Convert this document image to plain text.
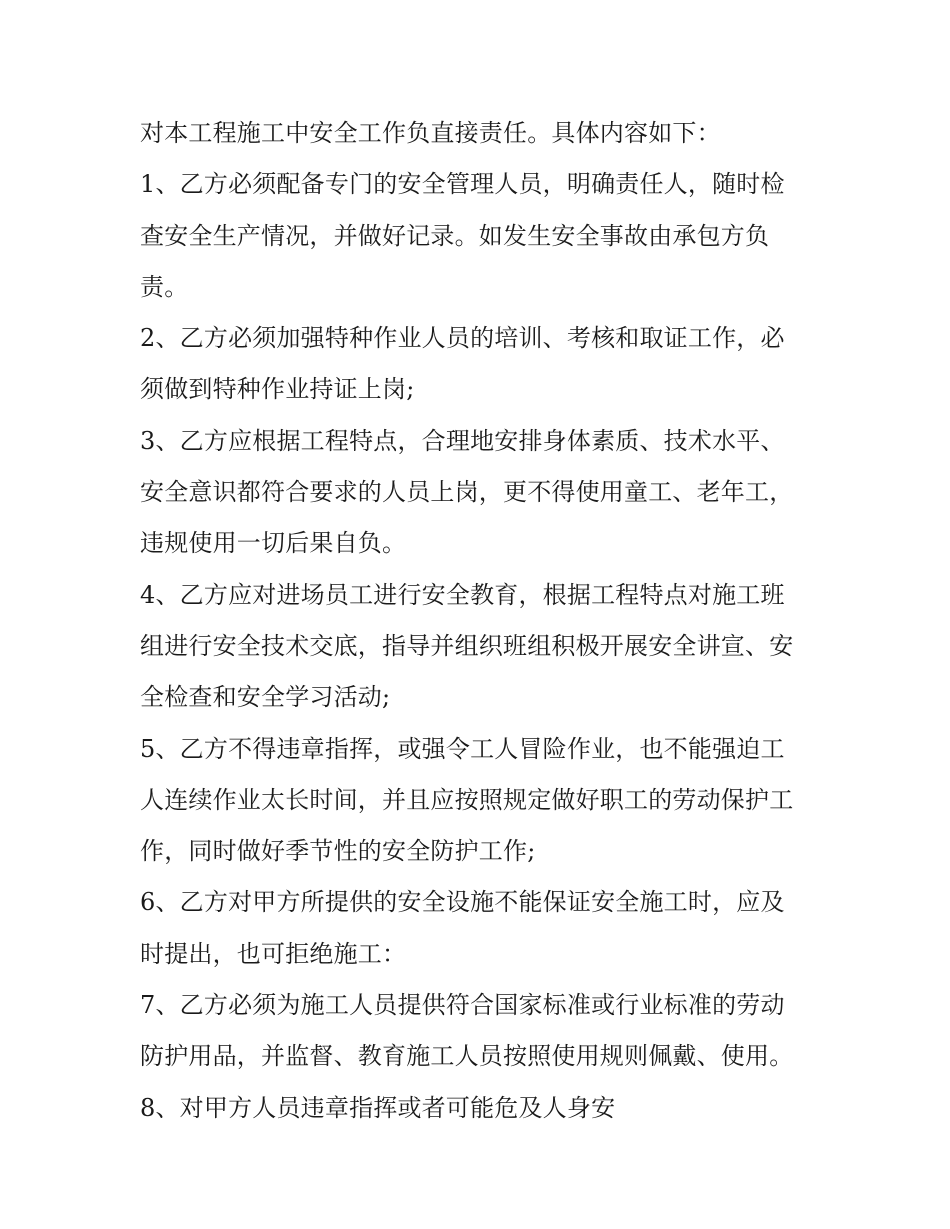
对本工程施工中安全工作负直接责任。具体内容如下：
1、乙方必须配备专门的安全管理人员，明确责任人，随时检
查安全生产情况，并做好记录。如发生安全事故由承包方负
责。
2、乙方必须加强特种作业人员的培训、考核和取证工作，必
须做到特种作业持证上岗;
3、乙方应根据工程特点，合理地安排身体素质、技术水平、
安全意识都符合要求的人员上岗，更不得使用童工、老年工，
违规使用一切后果自负。
4、乙方应对进场员工进行安全教育，根据工程特点对施工班
组进行安全技术交底，指导并组织班组积极开展安全讲宣、安
全检查和安全学习活动;
5、乙方不得违章指挥，或强令工人冒险作业，也不能强迫工
人连续作业太长时间，并且应按照规定做好职工的劳动保护工
作，同时做好季节性的安全防护工作;
6、乙方对甲方所提供的安全设施不能保证安全施工时，应及
时提出，也可拒绝施工：
7、乙方必须为施工人员提供符合国家标准或行业标准的劳动
防护用品，并监督、教育施工人员按照使用规则佩戴、使用。
8、对甲方人员违章指挥或者可能危及人身安
